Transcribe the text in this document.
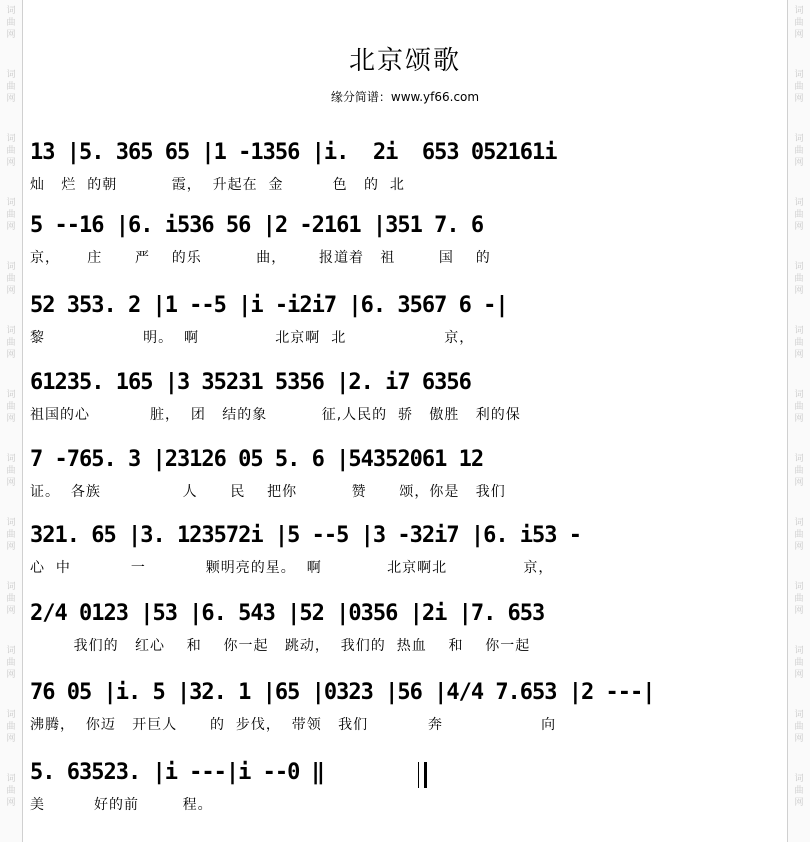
词
曲
网
词
曲
网
词
曲
网
词
曲
网
词
曲
网
词
曲
网
词
曲
网
词
曲
网
词
曲
网
词
曲
网
词
曲
网
词
曲
网
词
曲
网
词
曲
网
词
曲
网
词
曲
网
词
曲
网
词
曲
网
词
曲
网
词
曲
网
词
曲
网
词
曲
网
词
曲
网
词
曲
网
词
曲
网
词
曲
网
北京颂歌
缘分简谱：www.yf66.com
13 |5. 365 65 |1 -1356 |i.  2i  653 052161i
灿   烂  的朝          霞，  升起在  金         色   的  北
5 --16 |6. i536 56 |2 -2161 |351 7. 6
京，     庄      严    的乐          曲，      报道着   祖        国    的
52 353. 2 |1 --5 |i -i2i7 |6. 3567 6 -|
黎                  明。  啊              北京啊  北                  京，
61235. 165 |3 35231 5356 |2. i7 6356
祖国的心           脏，  团   结的象          征,人民的  骄   傲胜   利的保
7 -765. 3 |23126 05 5. 6 |54352061 12
证。  各族               人      民    把你          赞      颂，你是   我们
321. 65 |3. 123572i |5 --5 |3 -32i7 |6. i53 -
心  中           一           颗明亮的星。  啊            北京啊北              京，
2/4 0123 |53 |6. 543 |52 |0356 |2i |7. 653
我们的   红心    和    你一起   跳动，  我们的  热血    和    你一起
76 05 |i. 5 |32. 1 |65 |0323 |56 |4/4 7.653 |2 ---|
沸腾，  你迈   开巨人      的  步伐，  带领   我们           奔                  向
5. 63523. |i ---|i --0 ‖
美         好的前        程。
